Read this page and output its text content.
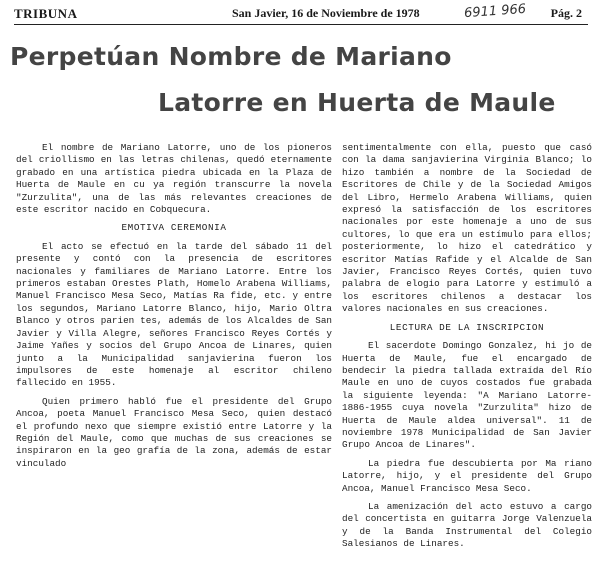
TRIBUNA	San Javier, 16 de Noviembre de 1978	6911 966 Pág. 2
Perpetúan Nombre de Mariano
Latorre en Huerta de Maule

El nombre de Mariano Latorre, uno de los pioneros del criollismo en las letras chilenas, quedó eternamente grabado en una artística piedra ubicada en la Plaza de Huerta de Maule en cu ya región transcurre la novela "Zurzulita", una de las más relevantes creaciones de este escritor nacido en Cobquecura.

EMOTIVA CEREMONIA

El acto se efectuó en la tarde del sábado 11 del presente y contó con la presencia de escritores nacionales y familiares de Mariano Latorre. Entre los primeros estaban Orestes Plath, Homelo Arabena Williams, Manuel Francisco Mesa Seco, Matías Ra fide, etc. y entre los segundos, Mariano Latorre Blanco, hijo, Mario Oltra Blanco y otros parien tes, además de los Alcaldes de San Javier y Villa Alegre, señores Francisco Reyes Cortés y Jaime Yañes y socios del Grupo Ancoa de Linares, quien junto a la Municipalidad sanjavierina fueron los impulsores de este homenaje al escritor chileno fallecido en 1955.

Quien primero habló fue el presidente del Grupo Ancoa, poeta Manuel Francisco Mesa Seco, quien destacó el profundo nexo que siempre existió entre Latorre y la Región del Maule, como que muchas de sus creaciones se inspiraron en la geo grafía de la zona, además de estar vinculado

sentimentalmente con ella, puesto que casó con la dama sanjavierina Virginia Blanco; lo hizo también a nombre de la Sociedad de Escritores de Chile y de la Sociedad Amigos del Libro, Hermelo Arabena Williams, quien expresó la satisfacción de los escritores nacionales por este homenaje a uno de sus cultores, lo que era un estímulo para ellos; posteriormente, lo hizo el catedrático y escritor Matías Rafide y el Alcalde de San Javier, Francisco Reyes Cortés, quien tuvo palabra de elogio para Latorre y estimuló a los escritores chilenos a destacar los valores nacionales en sus creaciones.

LECTURA DE LA INSCRIPCION

El sacerdote Domingo Gonzalez, hi jo de Huerta de Maule, fue el encargado de bendecir la piedra tallada extraída del Río Maule en uno de cuyos costados fue grabada la siguiente leyenda: "A Mariano Latorre-1886-1955 cuya novela "Zurzulita" hizo de Huerta de Maule aldea universal". 11 de noviembre 1978 Municipalidad de San Javier Grupo Ancoa de Linares".

La piedra fue descubierta por Ma riano Latorre, hijo, y el presidente del Grupo Ancoa, Manuel Francisco Mesa Seco.

La amenización del acto estuvo a cargo del concertista en guitarra Jorge Valenzuela y de la Banda Instrumental del Colegio Salesianos de Linares.
